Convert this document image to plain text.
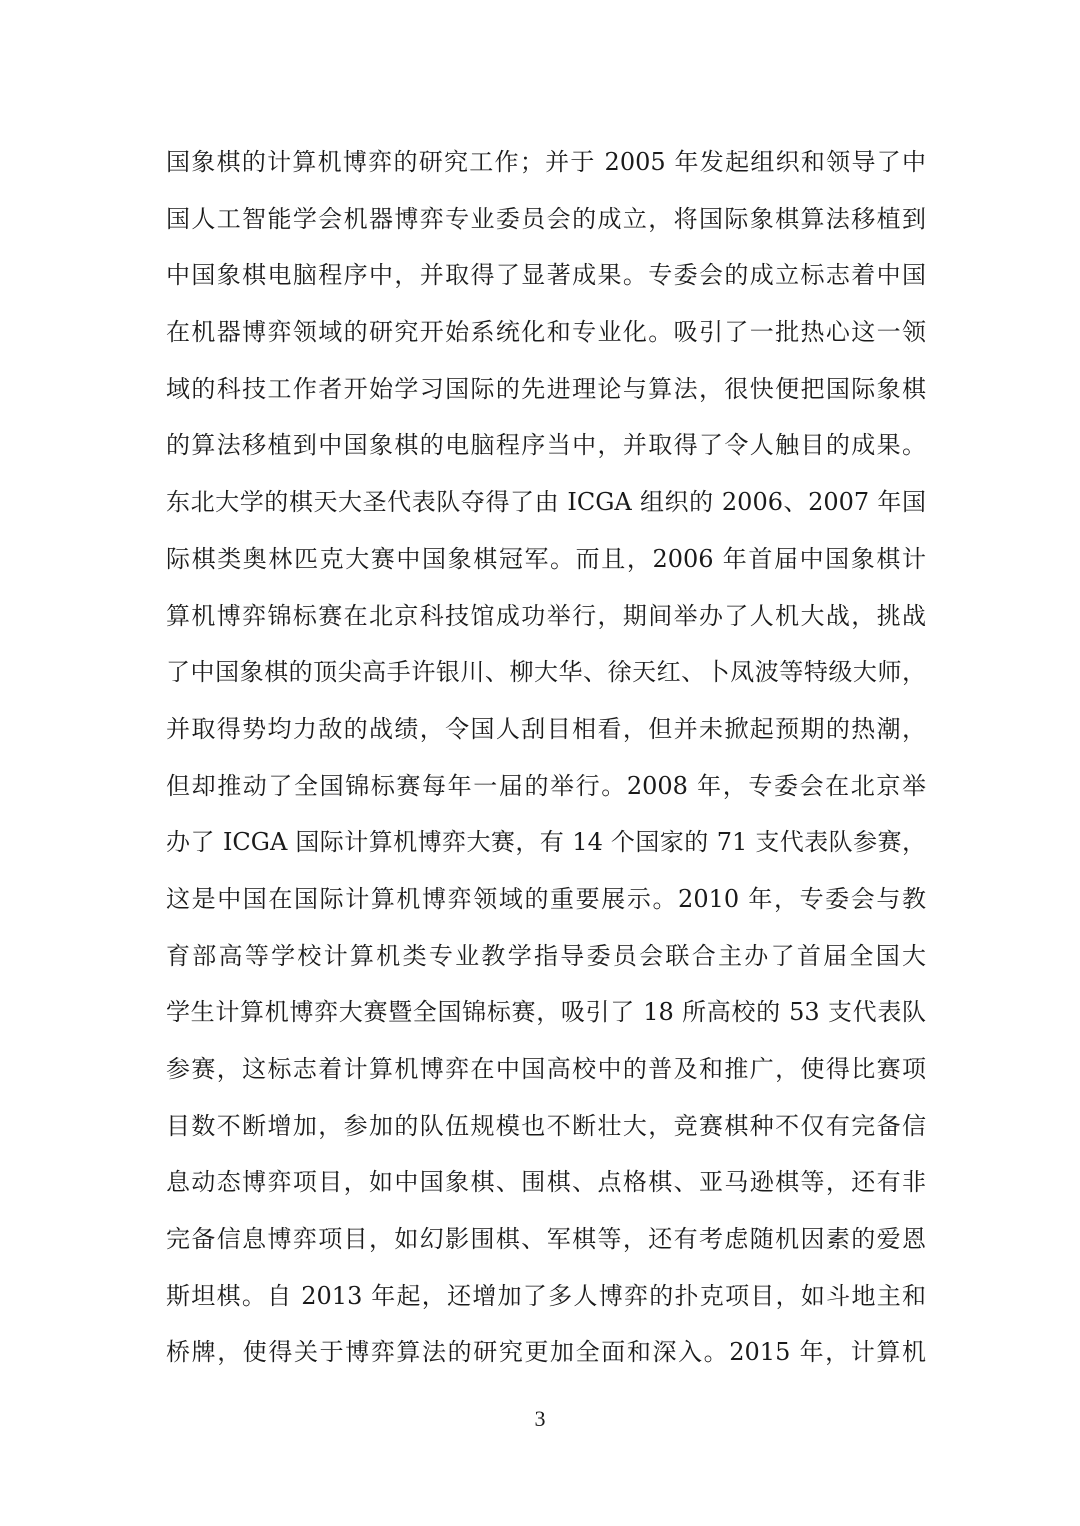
国象棋的计算机博弈的研究工作；并于 2005 年发起组织和领导了中
国人工智能学会机器博弈专业委员会的成立，将国际象棋算法移植到
中国象棋电脑程序中，并取得了显著成果。专委会的成立标志着中国
在机器博弈领域的研究开始系统化和专业化。吸引了一批热心这一领
域的科技工作者开始学习国际的先进理论与算法，很快便把国际象棋
的算法移植到中国象棋的电脑程序当中，并取得了令人触目的成果。
东北大学的棋天大圣代表队夺得了由 ICGA 组织的 2006、2007 年国
际棋类奥林匹克大赛中国象棋冠军。而且，2006 年首届中国象棋计
算机博弈锦标赛在北京科技馆成功举行，期间举办了人机大战，挑战
了中国象棋的顶尖高手许银川、柳大华、徐天红、卜凤波等特级大师，
并取得势均力敌的战绩，令国人刮目相看，但并未掀起预期的热潮，
但却推动了全国锦标赛每年一届的举行。2008 年，专委会在北京举
办了 ICGA 国际计算机博弈大赛，有 14 个国家的 71 支代表队参赛，
这是中国在国际计算机博弈领域的重要展示。2010 年，专委会与教
育部高等学校计算机类专业教学指导委员会联合主办了首届全国大
学生计算机博弈大赛暨全国锦标赛，吸引了 18 所高校的 53 支代表队
参赛，这标志着计算机博弈在中国高校中的普及和推广，使得比赛项
目数不断增加，参加的队伍规模也不断壮大，竞赛棋种不仅有完备信
息动态博弈项目，如中国象棋、围棋、点格棋、亚马逊棋等，还有非
完备信息博弈项目，如幻影围棋、军棋等，还有考虑随机因素的爱恩
斯坦棋。自 2013 年起，还增加了多人博弈的扑克项目，如斗地主和
桥牌，使得关于博弈算法的研究更加全面和深入。2015 年，计算机
3
